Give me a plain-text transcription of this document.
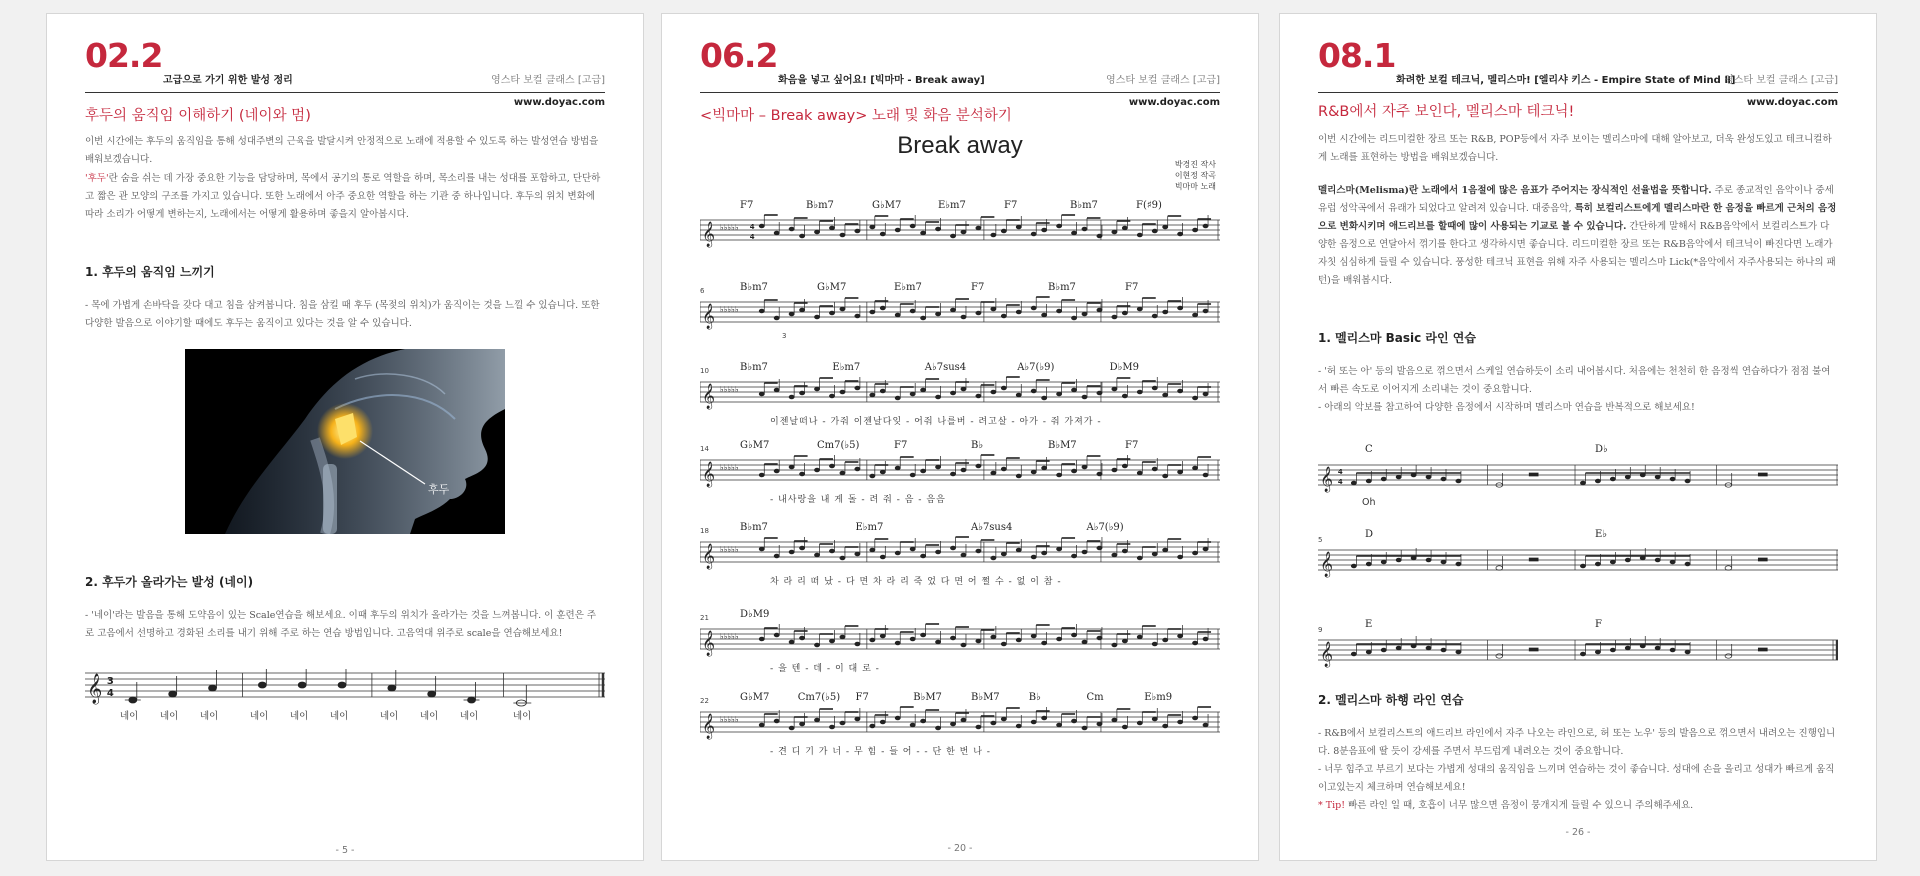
02.2
고급으로 가기 위한 발성 정리	영스타 보컬 클래스 [고급]
www.doyac.com
후두의 움직임 이해하기 (네이와 멈)

이번 시간에는 후두의 움직임을 통해 성대주변의 근육을 발달시켜 안정적으로 노래에 적용할 수 있도록 하는 발성연습 방법을 배워보겠습니다.

'후두'란 숨을 쉬는 데 가장 중요한 기능을 담당하며, 목에서 공기의 통로 역할을 하며, 목소리를 내는 성대를 포함하고, 단단하고 짧은 관 모양의 구조를 가지고 있습니다. 또한 노래에서 아주 중요한 역할을 하는 기관 중 하나입니다. 후두의 위치 변화에 따라 소리가 어떻게 변하는지, 노래에서는 어떻게 활용하며 좋을지 알아봅시다.

1. 후두의 움직임 느끼기

- 목에 가볍게 손바닥을 갖다 대고 침을 삼켜봅니다. 침을 삼킬 때 후두 (목젖의 위치)가 움직이는 것을 느낄 수 있습니다. 또한 다양한 발음으로 이야기할 때에도 후두는 움직이고 있다는 것을 알 수 있습니다.

후두
2. 후두가 올라가는 발성 (네이)

- '네이'라는 발음을 통해 도약음이 있는 Scale연습을 해보세요. 이때 후두의 위치가 올라가는 것을 느껴봅니다. 이 훈련은 주로 고음에서 선명하고 경화된 소리를 내기 위해 주로 하는 연습 방법입니다. 고음역대 위주로 scale을 연습해보세요!

𝄞 3
4
네이 네이 네이	네이 네이 네이	네이 네이 네이	네이
- 5 -
06.2
화음을 넣고 싶어요! [빅마마 - Break away]	영스타 보컬 클래스 [고급]
www.doyac.com
<빅마마 – Break away> 노래 및 화음 분석하기
Break away
박경진 작사
이현정 작곡
빅마마 노래
F7	B♭m7	G♭M7	E♭m7	F7	B♭m7	F(♯9)
𝄞 ♭♭♭♭♭ 4
4
B♭m7	G♭M7	E♭m7	F7	B♭m7	F7
6
𝄞 ♭♭♭♭♭
3
B♭m7	E♭m7	A♭7sus4	A♭7(♭9)	D♭M9
10
𝄞 ♭♭♭♭♭
이젠날떠나 - 가줘 이젠날다잊 - 어줘 나를버 - 려고살 - 아가 - 줘 가져가 -
G♭M7	Cm7(♭5)	F7	B♭	B♭M7	F7
14
𝄞 ♭♭♭♭♭
- 내사랑을 내 게 돌 - 려 줘 - 음 - 음음
B♭m7	E♭m7	A♭7sus4	A♭7(♭9)
18
𝄞 ♭♭♭♭♭
차 라 리 떠 났 - 다 면 차 라 리 죽 었 다 면 어 쩔 수 - 없 이 참 -
D♭M9
21
𝄞 ♭♭♭♭♭
- 을 텐 - 데 - 이 대 로 -
G♭M7	Cm7(♭5) F7	B♭M7	B♭M7	B♭	Cm	E♭m9
22
𝄞 ♭♭♭♭♭
- 견 디 기 가 너 - 무 힘 - 들 어 - - 단 한 번 나 -
- 20 -
08.1
화려한 보컬 테크닉, 멜리스마! [엘리샤 키스 - Empire State of Mind Ⅱ]
영스타 보컬 클래스 [고급]
www.doyac.com
R&B에서 자주 보인다, 멜리스마 테크닉!

이번 시간에는 리드미컬한 장르 또는 R&B, POP등에서 자주 보이는 멜리스마에 대해 알아보고, 더욱 완성도있고 테크니컬하게 노래를 표현하는 방법을 배워보겠습니다.

멜리스마(Melisma)란 노래에서 1음절에 많은 음표가 주어지는 장식적인 선율법을 뜻합니다. 주로 종교적인 음악이나 중세유럽 성악곡에서 유래가 되었다고 알려져 있습니다. 대중음악, 특히 보컬리스트에게 멜리스마란 한 음정을 빠르게 근처의 음정으로 변화시키며 애드리브를 할때에 많이 사용되는 기교로 볼 수 있습니다. 간단하게 말해서 R&B음악에서 보컬리스트가 다양한 음정으로 연달아서 꺾기를 한다고 생각하시면 좋습니다. 리드미컬한 장르 또는 R&B음악에서 테크닉이 빠진다면 노래가 자칫 심심하게 들릴 수 있습니다. 풍성한 테크닉 표현을 위해 자주 사용되는 멜리스마 Lick(*음악에서 자주사용되는 하나의 패턴)을 배워봅시다.

1. 멜리스마 Basic 라인 연습

- '허 또는 아' 등의 발음으로 꺾으면서 스케일 연습하듯이 소리 내어봅시다. 처음에는 천천히 한 음정씩 연습하다가 점점 불여서 빠른 속도로 이어지게 소리내는 것이 중요합니다.
- 아래의 악보를 참고하여 다양한 음정에서 시작하며 멜리스마 연습을 반복적으로 해보세요!

C	D♭
𝄞 4
4
Oh
D	E♭
5
𝄞
E	F
9
𝄞
2. 멜리스마 하행 라인 연습

- R&B에서 보컬리스트의 애드리브 라인에서 자주 나오는 라인으로, 허 또는 노우' 등의 발음으로 꺾으면서 내려오는 진행입니다. 8분음표에 딸 듯이 강세를 주면서 부드럽게 내려오는 것이 중요합니다.
- 너무 힘주고 부르기 보다는 가볍게 성대의 움직임을 느끼며 연습하는 것이 좋습니다. 성대에 손을 올리고 성대가 빠르게 움직이고있는지 체크하며 연습해보세요!
* Tip! 빠른 라인 일 때, 호흡이 너무 많으면 음정이 뭉개지게 들릴 수 있으니 주의해주세요.

- 26 -
